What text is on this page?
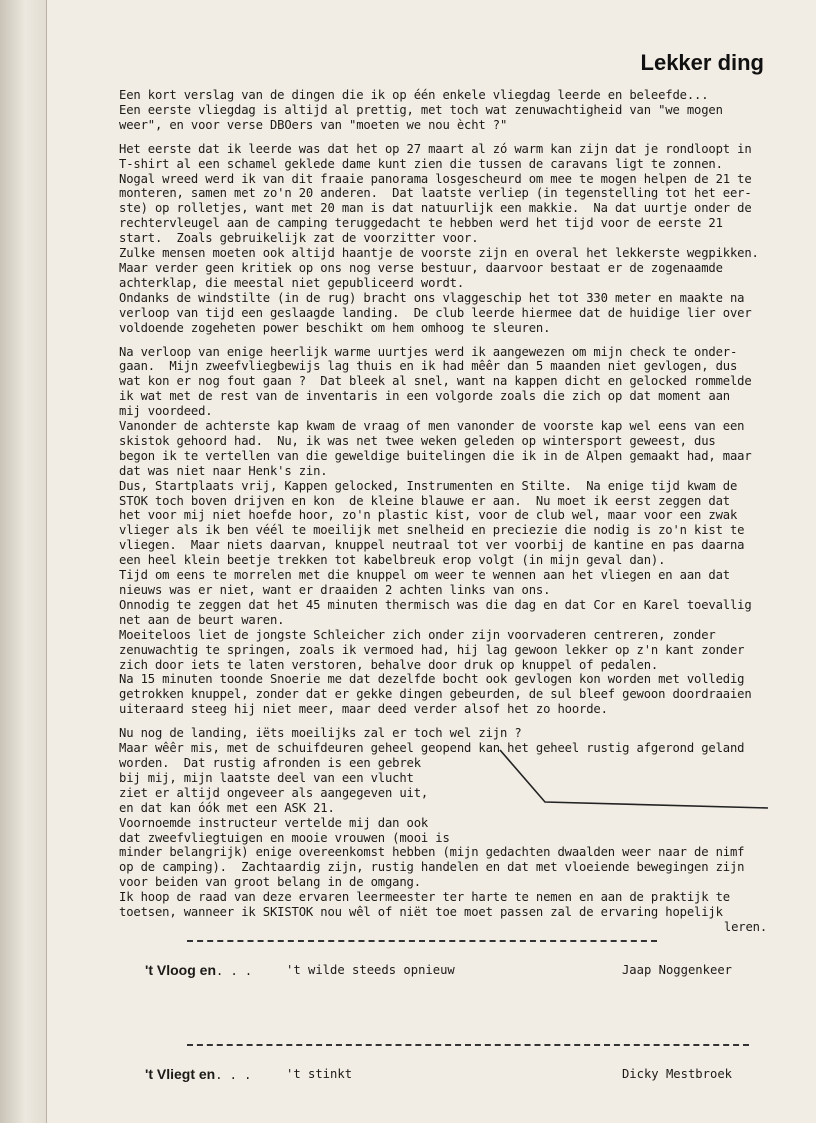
Lekker ding
Een kort verslag van de dingen die ik op één enkele vliegdag leerde en beleefde...
Een eerste vliegdag is altijd al prettig, met toch wat zenuwachtigheid van "we mogen
weer", en voor verse DBOers van "moeten we nou ècht ?"
Het eerste dat ik leerde was dat het op 27 maart al zó warm kan zijn dat je rondloopt in
T-shirt al een schamel geklede dame kunt zien die tussen de caravans ligt te zonnen.
Nogal wreed werd ik van dit fraaie panorama losgescheurd om mee te mogen helpen de 21 te
monteren, samen met zo'n 20 anderen.  Dat laatste verliep (in tegenstelling tot het eer-
ste) op rolletjes, want met 20 man is dat natuurlijk een makkie.  Na dat uurtje onder de
rechtervleugel aan de camping teruggedacht te hebben werd het tijd voor de eerste 21
start.  Zoals gebruikelijk zat de voorzitter voor.
Zulke mensen moeten ook altijd haantje de voorste zijn en overal het lekkerste wegpikken.
Maar verder geen kritiek op ons nog verse bestuur, daarvoor bestaat er de zogenaamde
achterklap, die meestal niet gepubliceerd wordt.
Ondanks de windstilte (in de rug) bracht ons vlaggeschip het tot 330 meter en maakte na
verloop van tijd een geslaagde landing.  De club leerde hiermee dat de huidige lier over
voldoende zogeheten power beschikt om hem omhoog te sleuren.
Na verloop van enige heerlijk warme uurtjes werd ik aangewezen om mijn check te onder-
gaan.  Mijn zweefvliegbewijs lag thuis en ik had mêêr dan 5 maanden niet gevlogen, dus
wat kon er nog fout gaan ?  Dat bleek al snel, want na kappen dicht en gelocked rommelde
ik wat met de rest van de inventaris in een volgorde zoals die zich op dat moment aan
mij voordeed.
Vanonder de achterste kap kwam de vraag of men vanonder de voorste kap wel eens van een
skistok gehoord had.  Nu, ik was net twee weken geleden op wintersport geweest, dus
begon ik te vertellen van die geweldige buitelingen die ik in de Alpen gemaakt had, maar
dat was niet naar Henk's zin.
Dus, Startplaats vrij, Kappen gelocked, Instrumenten en Stilte.  Na enige tijd kwam de
STOK toch boven drijven en kon  de kleine blauwe er aan.  Nu moet ik eerst zeggen dat
het voor mij niet hoefde hoor, zo'n plastic kist, voor de club wel, maar voor een zwak
vlieger als ik ben véél te moeilijk met snelheid en preciezie die nodig is zo'n kist te
vliegen.  Maar niets daarvan, knuppel neutraal tot ver voorbij de kantine en pas daarna
een heel klein beetje trekken tot kabelbreuk erop volgt (in mijn geval dan).
Tijd om eens te morrelen met die knuppel om weer te wennen aan het vliegen en aan dat
nieuws was er niet, want er draaiden 2 achten links van ons.
Onnodig te zeggen dat het 45 minuten thermisch was die dag en dat Cor en Karel toevallig
net aan de beurt waren.
Moeiteloos liet de jongste Schleicher zich onder zijn voorvaderen centreren, zonder
zenuwachtig te springen, zoals ik vermoed had, hij lag gewoon lekker op z'n kant zonder
zich door iets te laten verstoren, behalve door druk op knuppel of pedalen.
Na 15 minuten toonde Snoerie me dat dezelfde bocht ook gevlogen kon worden met volledig
getrokken knuppel, zonder dat er gekke dingen gebeurden, de sul bleef gewoon doordraaien
uiteraard steeg hij niet meer, maar deed verder alsof het zo hoorde.
Nu nog de landing, iëts moeilijks zal er toch wel zijn ?
Maar wêêr mis, met de schuifdeuren geheel geopend kan het geheel rustig afgerond geland
worden.  Dat rustig afronden is een gebrek
bij mij, mijn laatste deel van een vlucht
ziet er altijd ongeveer als aangegeven uit,
en dat kan óók met een ASK 21.
Voornoemde instructeur vertelde mij dan ook
dat zweefvliegtuigen en mooie vrouwen (mooi is
minder belangrijk) enige overeenkomst hebben (mijn gedachten dwaalden weer naar de nimf
op de camping).  Zachtaardig zijn, rustig handelen en dat met vloeiende bewegingen zijn
voor beiden van groot belang in de omgang.
Ik hoop de raad van deze ervaren leermeester ter harte te nemen en aan de praktijk te
toetsen, wanneer ik SKISTOK nou wêl of niët toe moet passen zal de ervaring hopelijk
leren.
't Vloog en. . .	't wilde steeds opnieuw	Jaap Noggenkeer
't Vliegt en. . .	't stinkt	Dicky Mestbroek
